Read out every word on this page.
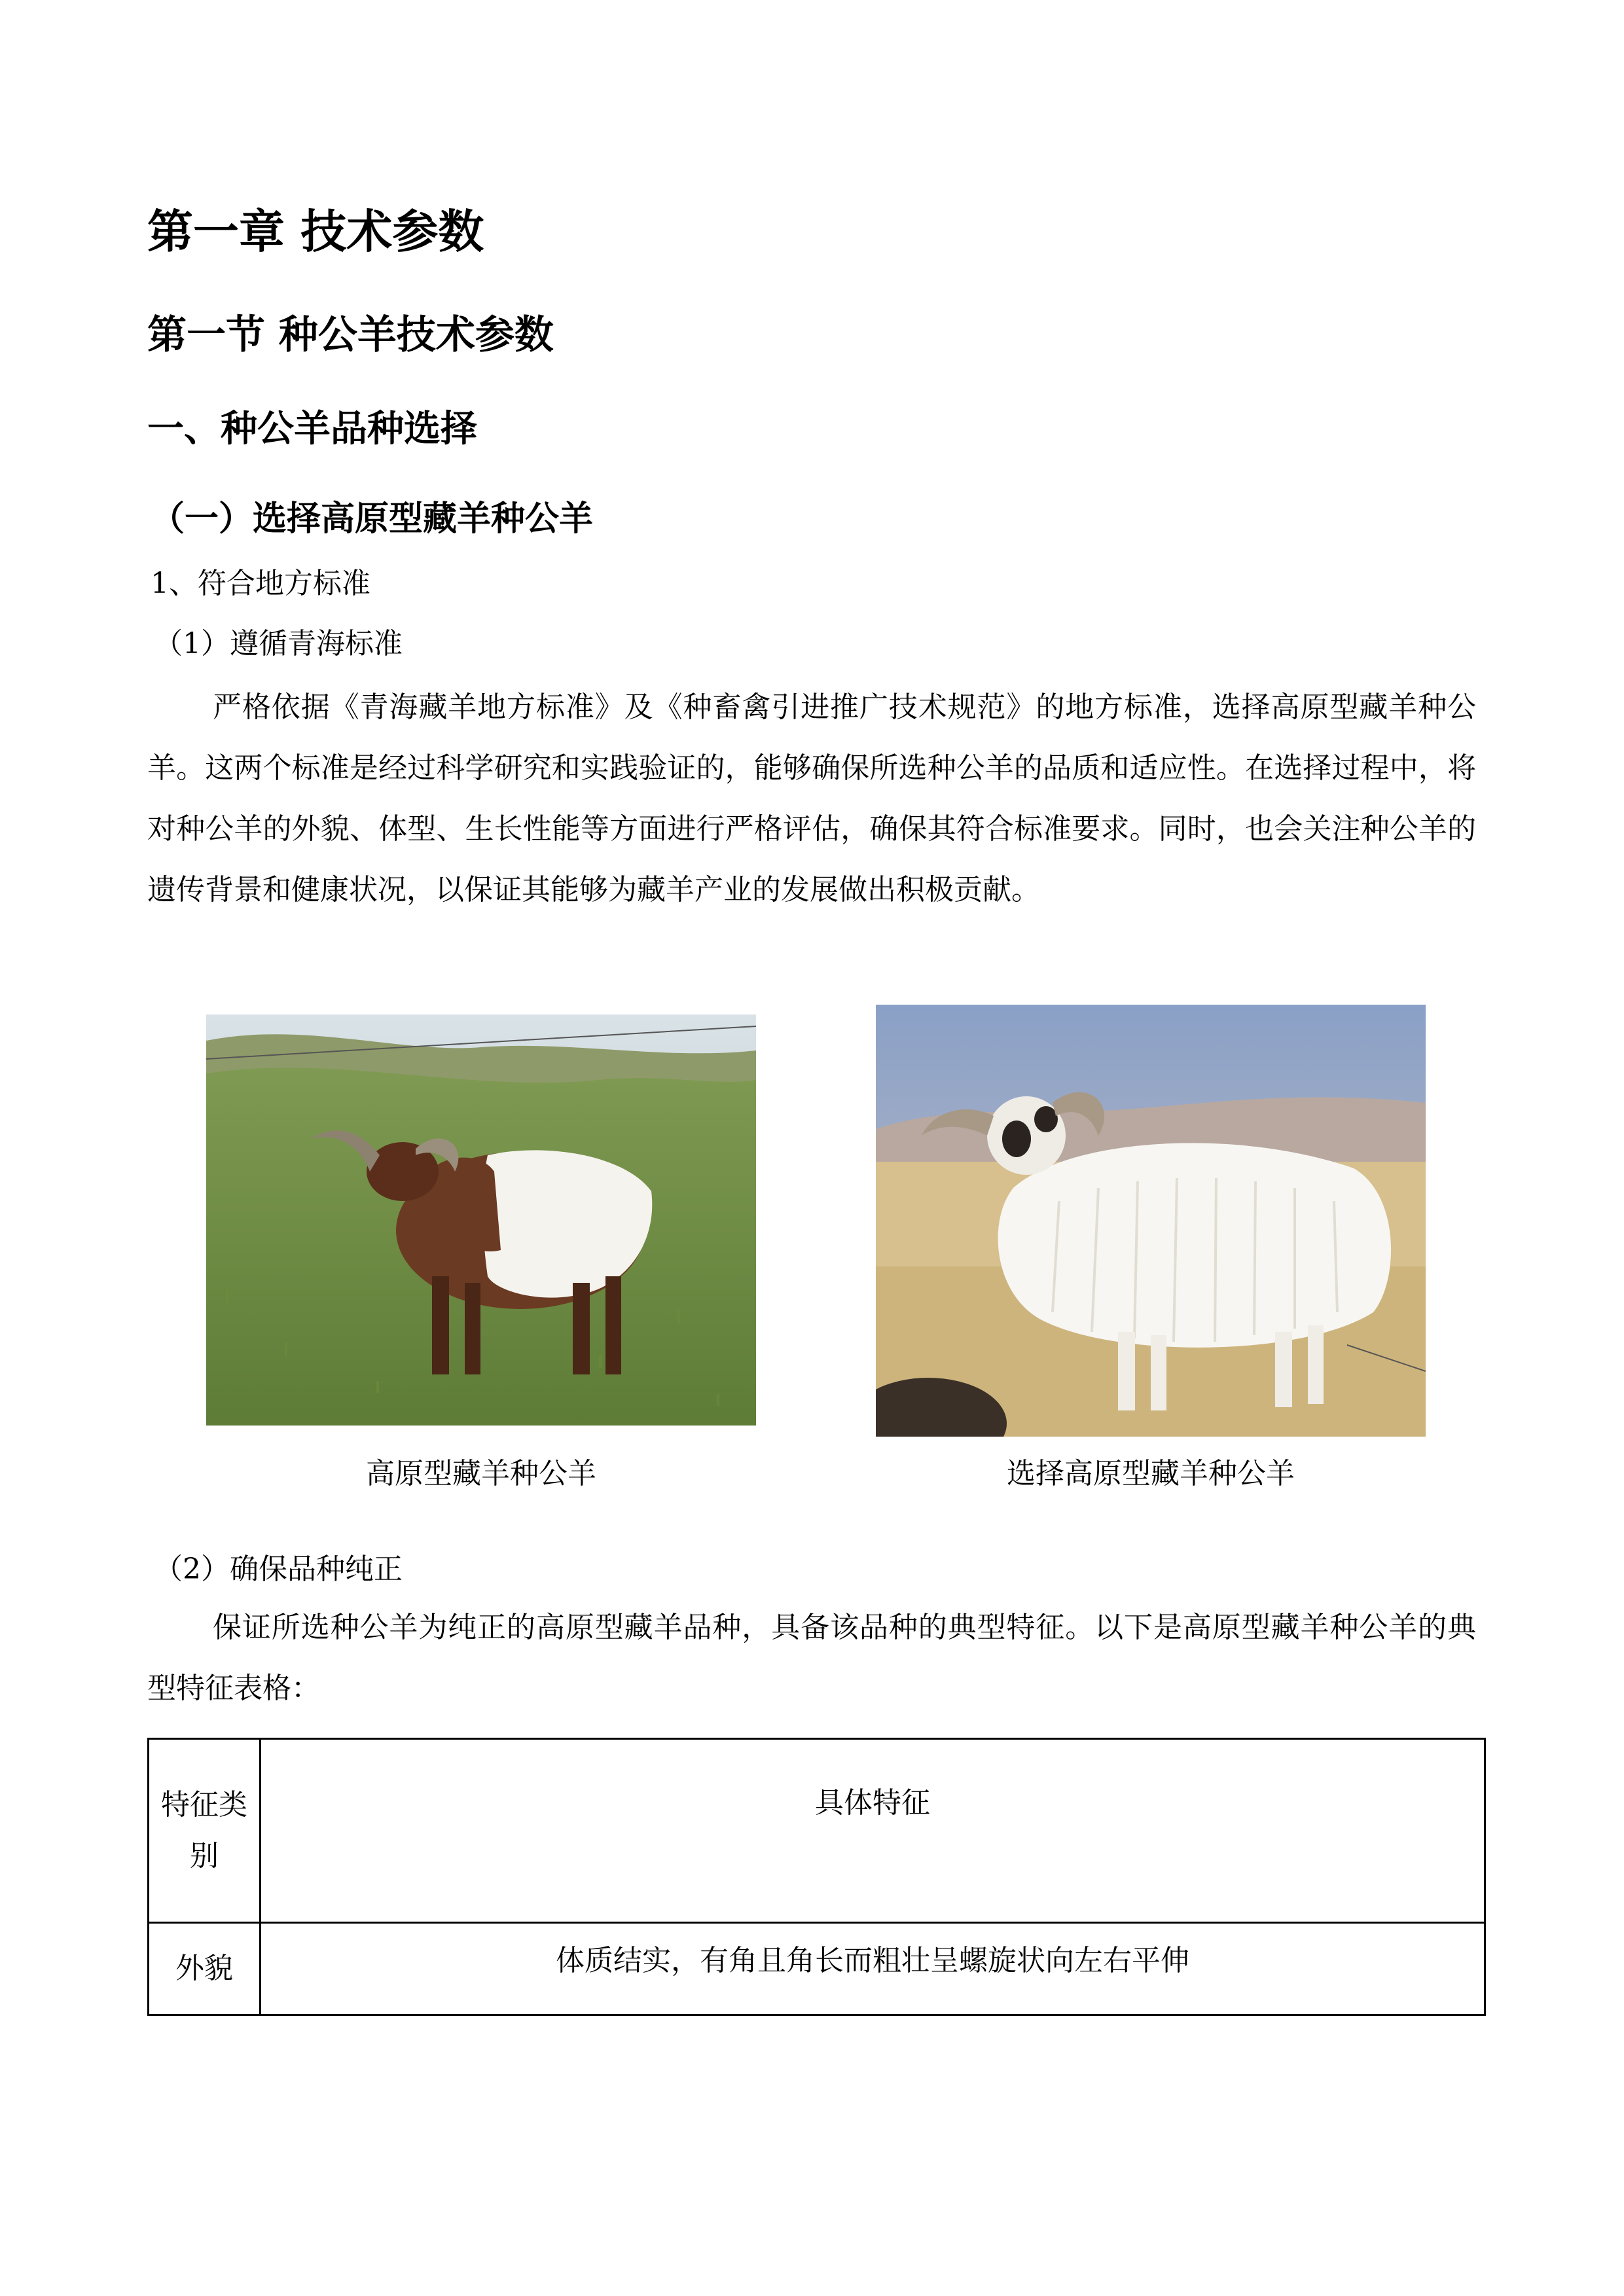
第一章 技术参数
第一节 种公羊技术参数
一、种公羊品种选择
（一）选择高原型藏羊种公羊
1、符合地方标准
（1）遵循青海标准

严格依据《青海藏羊地方标准》及《种畜禽引进推广技术规范》的地方标准，选择高原型藏羊种公羊。这两个标准是经过科学研究和实践验证的，能够确保所选种公羊的品质和适应性。在选择过程中，将对种公羊的外貌、体型、生长性能等方面进行严格评估，确保其符合标准要求。同时，也会关注种公羊的遗传背景和健康状况，以保证其能够为藏羊产业的发展做出积极贡献。

高原型藏羊种公羊	选择高原型藏羊种公羊
（2）确保品种纯正

保证所选种公羊为纯正的高原型藏羊品种，具备该品种的典型特征。以下是高原型藏羊种公羊的典型特征表格：

特征类别	具体特征
外貌	体质结实，有角且角长而粗壮呈螺旋状向左右平伸
